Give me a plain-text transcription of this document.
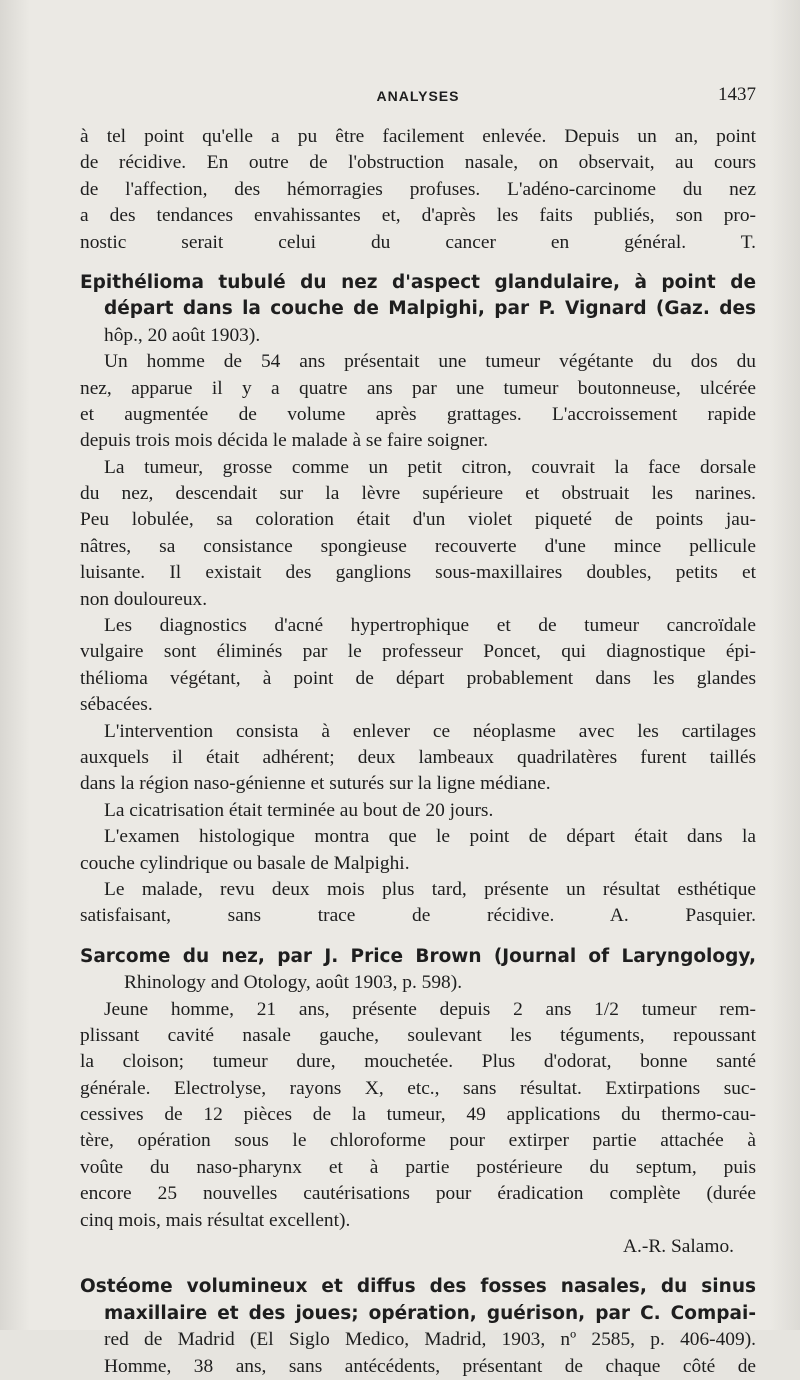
ANALYSES	1437
à tel point qu'elle a pu être facilement enlevée. Depuis un an, point
de récidive. En outre de l'obstruction nasale, on observait, au cours
de l'affection, des hémorragies profuses. L'adéno-carcinome du nez
a des tendances envahissantes et, d'après les faits publiés, son pro-
nostic serait celui du cancer en général. T.
Epithélioma tubulé du nez d'aspect glandulaire, à point de
départ dans la couche de Malpighi, par P. Vignard (Gaz. des
hôp., 20 août 1903).
Un homme de 54 ans présentait une tumeur végétante du dos du
nez, apparue il y a quatre ans par une tumeur boutonneuse, ulcérée
et augmentée de volume après grattages. L'accroissement rapide
depuis trois mois décida le malade à se faire soigner.
La tumeur, grosse comme un petit citron, couvrait la face dorsale
du nez, descendait sur la lèvre supérieure et obstruait les narines.
Peu lobulée, sa coloration était d'un violet piqueté de points jau-
nâtres, sa consistance spongieuse recouverte d'une mince pellicule
luisante. Il existait des ganglions sous-maxillaires doubles, petits et
non douloureux.
Les diagnostics d'acné hypertrophique et de tumeur cancroïdale
vulgaire sont éliminés par le professeur Poncet, qui diagnostique épi-
thélioma végétant, à point de départ probablement dans les glandes
sébacées.
L'intervention consista à enlever ce néoplasme avec les cartilages
auxquels il était adhérent; deux lambeaux quadrilatères furent taillés
dans la région naso-génienne et suturés sur la ligne médiane.
La cicatrisation était terminée au bout de 20 jours.
L'examen histologique montra que le point de départ était dans la
couche cylindrique ou basale de Malpighi.
Le malade, revu deux mois plus tard, présente un résultat esthétique
satisfaisant, sans trace de récidive. A. Pasquier.
Sarcome du nez, par J. Price Brown (Journal of Laryngology,
Rhinology and Otology, août 1903, p. 598).
Jeune homme, 21 ans, présente depuis 2 ans 1/2 tumeur rem-
plissant cavité nasale gauche, soulevant les téguments, repoussant
la cloison; tumeur dure, mouchetée. Plus d'odorat, bonne santé
générale. Electrolyse, rayons X, etc., sans résultat. Extirpations suc-
cessives de 12 pièces de la tumeur, 49 applications du thermo-cau-
tère, opération sous le chloroforme pour extirper partie attachée à
voûte du naso-pharynx et à partie postérieure du septum, puis
encore 25 nouvelles cautérisations pour éradication complète (durée
cinq mois, mais résultat excellent).
A.-R. Salamo.
Ostéome volumineux et diffus des fosses nasales, du sinus
maxillaire et des joues; opération, guérison, par C. Compai-
red de Madrid (El Siglo Medico, Madrid, 1903, nº 2585, p. 406-409).
Homme, 38 ans, sans antécédents, présentant de chaque côté de
